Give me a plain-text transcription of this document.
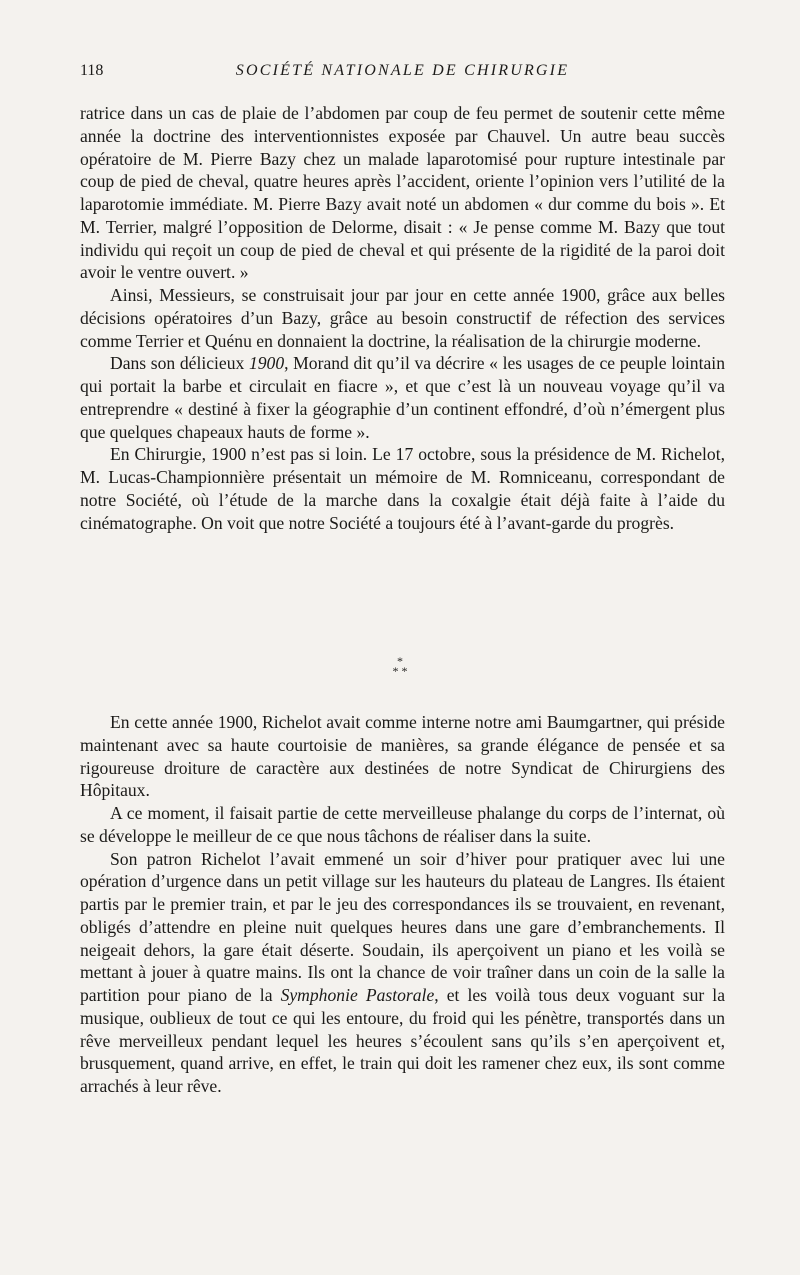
118	SOCIÉTÉ NATIONALE DE CHIRURGIE

ratrice dans un cas de plaie de l’abdomen par coup de feu permet de soutenir cette même année la doctrine des interventionnistes exposée par Chauvel. Un autre beau succès opératoire de M. Pierre Bazy chez un malade laparotomisé pour rupture intestinale par coup de pied de cheval, quatre heures après l’accident, oriente l’opinion vers l’utilité de la laparotomie immédiate. M. Pierre Bazy avait noté un abdomen « dur comme du bois ». Et M. Terrier, malgré l’opposition de Delorme, disait : « Je pense comme M. Bazy que tout individu qui reçoit un coup de pied de cheval et qui présente de la rigidité de la paroi doit avoir le ventre ouvert. »

Ainsi, Messieurs, se construisait jour par jour en cette année 1900, grâce aux belles décisions opératoires d’un Bazy, grâce au besoin constructif de réfection des services comme Terrier et Quénu en donnaient la doctrine, la réalisation de la chirurgie moderne.

Dans son délicieux 1900, Morand dit qu’il va décrire « les usages de ce peuple lointain qui portait la barbe et circulait en fiacre », et que c’est là un nouveau voyage qu’il va entreprendre « destiné à fixer la géographie d’un continent effondré, d’où n’émergent plus que quelques chapeaux hauts de forme ».

En Chirurgie, 1900 n’est pas si loin. Le 17 octobre, sous la présidence de M. Richelot, M. Lucas-Championnière présentait un mémoire de M. Romniceanu, correspondant de notre Société, où l’étude de la marche dans la coxalgie était déjà faite à l’aide du cinématographe. On voit que notre Société a toujours été à l’avant-garde du progrès.

*
* *

En cette année 1900, Richelot avait comme interne notre ami Baumgartner, qui préside maintenant avec sa haute courtoisie de manières, sa grande élégance de pensée et sa rigoureuse droiture de caractère aux destinées de notre Syndicat de Chirurgiens des Hôpitaux.

A ce moment, il faisait partie de cette merveilleuse phalange du corps de l’internat, où se développe le meilleur de ce que nous tâchons de réaliser dans la suite.

Son patron Richelot l’avait emmené un soir d’hiver pour pratiquer avec lui une opération d’urgence dans un petit village sur les hauteurs du plateau de Langres. Ils étaient partis par le premier train, et par le jeu des correspondances ils se trouvaient, en revenant, obligés d’attendre en pleine nuit quelques heures dans une gare d’embranchements. Il neigeait dehors, la gare était déserte. Soudain, ils aperçoivent un piano et les voilà se mettant à jouer à quatre mains. Ils ont la chance de voir traîner dans un coin de la salle la partition pour piano de la Symphonie Pastorale, et les voilà tous deux voguant sur la musique, oublieux de tout ce qui les entoure, du froid qui les pénètre, transportés dans un rêve merveilleux pendant lequel les heures s’écoulent sans qu’ils s’en aperçoivent et, brusquement, quand arrive, en effet, le train qui doit les ramener chez eux, ils sont comme arrachés à leur rêve.
